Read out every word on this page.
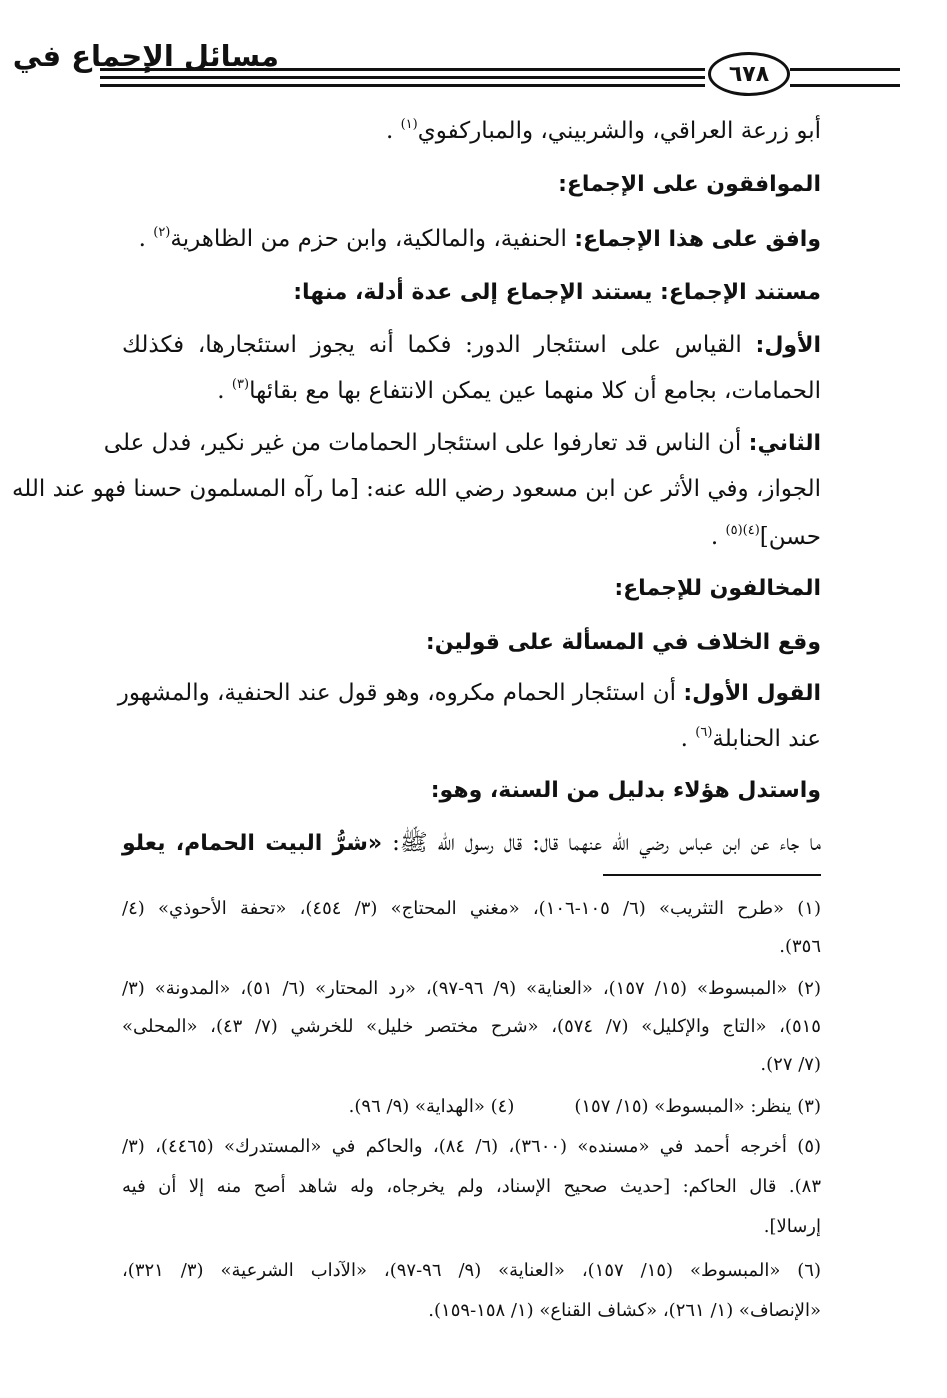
مسائل الإجماع في
٦٧٨
أبو زرعة العراقي، والشربيني، والمباركفوي$^{(١)}$ .
الموافقون على الإجماع:
وافق على هذا الإجماع: الحنفية، والمالكية، وابن حزم من الظاهرية$^{(٢)}$ .
مستند الإجماع: يستند الإجماع إلى عدة أدلة، منها:
الأول: القياس على استئجار الدور: فكما أنه يجوز استئجارها، فكذلك
الحمامات، بجامع أن كلا منهما عين يمكن الانتفاع بها مع بقائها$^{(٣)}$ .
الثاني: أن الناس قد تعارفوا على استئجار الحمامات من غير نكير، فدل على
الجواز، وفي الأثر عن ابن مسعود رضي الله عنه: [ما رآه المسلمون حسنا فهو عند الله
حسن]$^{(٤)(٥)}$ .
المخالفون للإجماع:
وقع الخلاف في المسألة على قولين:
القول الأول: أن استئجار الحمام مكروه، وهو قول عند الحنفية، والمشهور
عند الحنابلة$^{(٦)}$ .
واستدل هؤلاء بدليل من السنة، وهو:
ما جاء عن ابن عباس رضي الله عنهما قال: قال رسول الله ﷺ: «شرُّ البيت الحمام، يعلو
(١) «طرح التثريب» (٦/ ١٠٥-١٠٦)، «مغني المحتاج» (٣/ ٤٥٤)، «تحفة الأحوذي» (٤/
٣٥٦).
(٢) «المبسوط» (١٥/ ١٥٧)، «العناية» (٩/ ٩٦-٩٧)، «رد المحتار» (٦/ ٥١)، «المدونة» (٣/
٥١٥)، «التاج والإكليل» (٧/ ٥٧٤)، «شرح مختصر خليل» للخرشي (٧/ ٤٣)، «المحلى»
(٧/ ٢٧).
(٣) ينظر: «المبسوط» (١٥/ ١٥٧)(٤) «الهداية» (٩/ ٩٦).
(٥) أخرجه أحمد في «مسنده» (٣٦٠٠)، (٦/ ٨٤)، والحاكم في «المستدرك» (٤٤٦٥)، (٣/
٨٣). قال الحاكم: [حديث صحيح الإسناد، ولم يخرجاه، وله شاهد أصح منه إلا أن فيه
إرسالا].
(٦) «المبسوط» (١٥/ ١٥٧)، «العناية» (٩/ ٩٦-٩٧)، «الآداب الشرعية» (٣/ ٣٢١)،
«الإنصاف» (١/ ٢٦١)، «كشاف القناع» (١/ ١٥٨-١٥٩).
